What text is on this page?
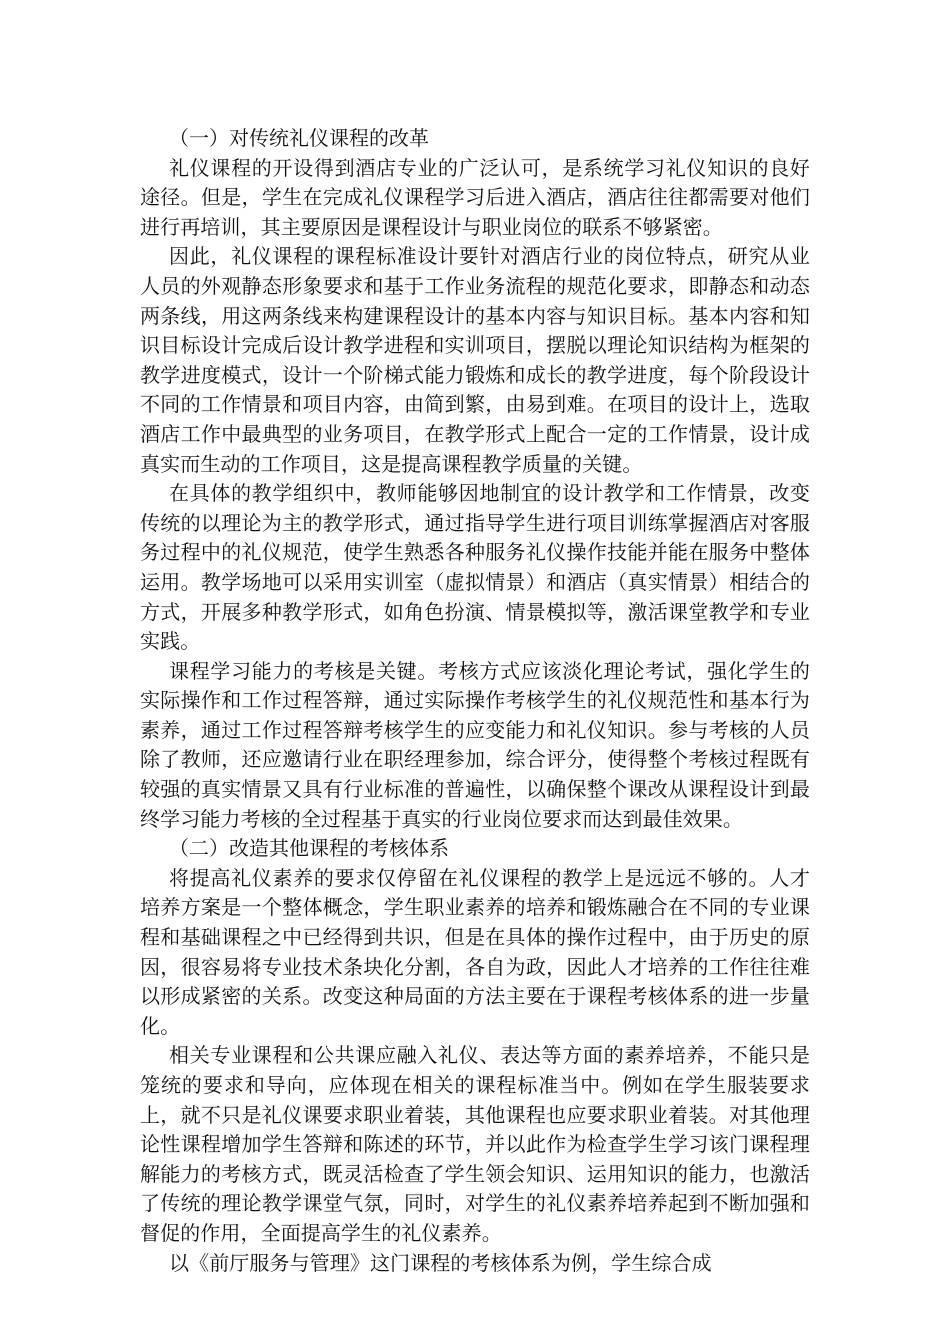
（一）对传统礼仪课程的改革

礼仪课程的开设得到酒店专业的广泛认可，是系统学习礼仪知识的良好途径。但是，学生在完成礼仪课程学习后进入酒店，酒店往往都需要对他们进行再培训，其主要原因是课程设计与职业岗位的联系不够紧密。

因此，礼仪课程的课程标准设计要针对酒店行业的岗位特点，研究从业人员的外观静态形象要求和基于工作业务流程的规范化要求，即静态和动态两条线，用这两条线来构建课程设计的基本内容与知识目标。基本内容和知识目标设计完成后设计教学进程和实训项目，摆脱以理论知识结构为框架的教学进度模式，设计一个阶梯式能力锻炼和成长的教学进度，每个阶段设计不同的工作情景和项目内容，由简到繁，由易到难。在项目的设计上，选取酒店工作中最典型的业务项目，在教学形式上配合一定的工作情景，设计成真实而生动的工作项目，这是提高课程教学质量的关键。

在具体的教学组织中，教师能够因地制宜的设计教学和工作情景，改变传统的以理论为主的教学形式，通过指导学生进行项目训练掌握酒店对客服务过程中的礼仪规范，使学生熟悉各种服务礼仪操作技能并能在服务中整体运用。教学场地可以采用实训室（虚拟情景）和酒店（真实情景）相结合的方式，开展多种教学形式，如角色扮演、情景模拟等，激活课堂教学和专业实践。

课程学习能力的考核是关键。考核方式应该淡化理论考试，强化学生的实际操作和工作过程答辩，通过实际操作考核学生的礼仪规范性和基本行为素养，通过工作过程答辩考核学生的应变能力和礼仪知识。参与考核的人员除了教师，还应邀请行业在职经理参加，综合评分，使得整个考核过程既有较强的真实情景又具有行业标准的普遍性，以确保整个课改从课程设计到最终学习能力考核的全过程基于真实的行业岗位要求而达到最佳效果。

（二）改造其他课程的考核体系

将提高礼仪素养的要求仅停留在礼仪课程的教学上是远远不够的。人才培养方案是一个整体概念，学生职业素养的培养和锻炼融合在不同的专业课程和基础课程之中已经得到共识，但是在具体的操作过程中，由于历史的原因，很容易将专业技术条块化分割，各自为政，因此人才培养的工作往往难以形成紧密的关系。改变这种局面的方法主要在于课程考核体系的进一步量化。

相关专业课程和公共课应融入礼仪、表达等方面的素养培养，不能只是笼统的要求和导向，应体现在相关的课程标准当中。例如在学生服装要求上，就不只是礼仪课要求职业着装，其他课程也应要求职业着装。对其他理论性课程增加学生答辩和陈述的环节，并以此作为检查学生学习该门课程理解能力的考核方式，既灵活检查了学生领会知识、运用知识的能力，也激活了传统的理论教学课堂气氛，同时，对学生的礼仪素养培养起到不断加强和督促的作用，全面提高学生的礼仪素养。

以《前厅服务与管理》这门课程的考核体系为例，学生综合成
